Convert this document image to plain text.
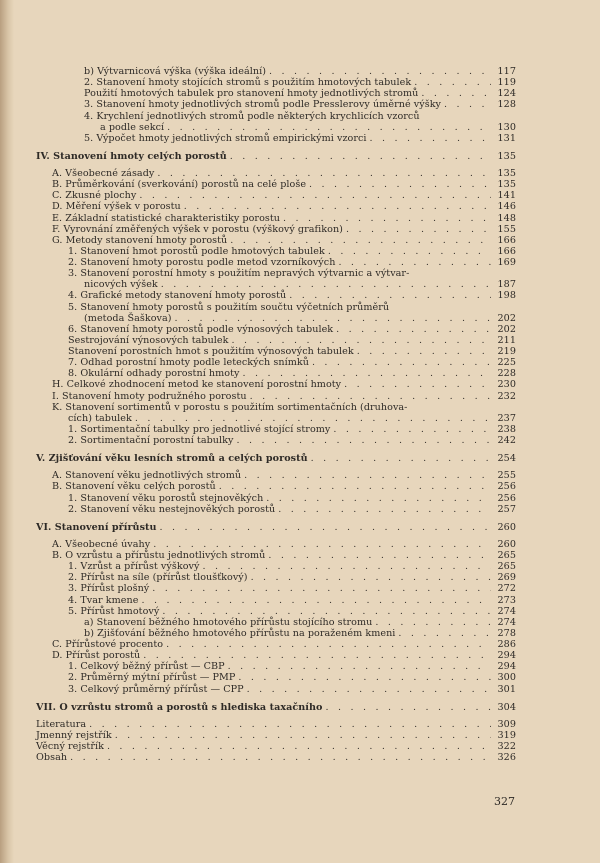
b) Výtvarnicová výška (výška ideální) . . .	117
2. Stanovení hmoty stojících stromů s použitím hmotových tabulek . . .	119
Použití hmotových tabulek pro stanovení hmoty jednotlivých stromů . . .	124
3. Stanovení hmoty jednotlivých stromů podle Presslerovy úměrné výšky . . .	128
4. Krychlení jednotlivých stromů podle některých krychlicích vzorců
a podle sekcí . . .	130
5. Výpočet hmoty jednotlivých stromů empirickými vzorci . . .	131
IV. Stanovení hmoty celých porostů . . .	135
A. Všeobecné zásady . . .	135
B. Průměrkování (sverkování) porostů na celé ploše . . .	135
C. Zkusné plochy . . .	141
D. Měření výšek v porostu . . .	146
E. Základní statistické charakteristiky porostu . . .	148
F. Vyrovnání změřených výšek v porostu (výškový grafikon) . . .	155
G. Metody stanovení hmoty porostů . . .	166
1. Stanovení hmot porostů podle hmotových tabulek . . .	166
2. Stanovení hmoty porostu podle metod vzorníkových . . .	169
3. Stanovení porostní hmoty s použitím nepravých výtvarnic a výtvar-
nicových výšek . . .	187
4. Grafické metody stanovení hmoty porostů . . .	198
5. Stanovení hmoty porostů s použitím součtu výčetních průměrů
(metoda Šaškova) . . .	202
6. Stanovení hmoty porostů podle výnosových tabulek . . .	202
Sestrojování výnosových tabulek . . .	211
Stanovení porostních hmot s použitím výnosových tabulek . . .	219
7. Odhad porostní hmoty podle leteckých snímků . . .	225
8. Okulární odhady porostní hmoty . . .	228
H. Celkové zhodnocení metod ke stanovení porostní hmoty . . .	230
I. Stanovení hmoty podružného porostu . . .	232
K. Stanovení sortimentů v porostu s použitím sortimentačních (druhova-
cích) tabulek . . .	237
1. Sortimentační tabulky pro jednotlivé stojící stromy . . .	238
2. Sortimentační porostní tabulky . . .	242
V. Zjišťování věku lesních stromů a celých porostů . . .	254
A. Stanovení věku jednotlivých stromů . . .	255
B. Stanovení věku celých porostů . . .	256
1. Stanovení věku porostů stejnověkých . . .	256
2. Stanovení věku nestejnověkých porostů . . .	257
VI. Stanovení přírůstu . . .	260
A. Všeobecné úvahy . . .	260
B. O vzrůstu a přírůstu jednotlivých stromů . . .	265
1. Vzrůst a přírůst výškový . . .	265
2. Přírůst na síle (přírůst tloušťkový) . . .	269
3. Přírůst plošný . . .	272
4. Tvar kmene . . .	273
5. Přírůst hmotový . . .	274
a) Stanovení běžného hmotového přírůstu stojícího stromu . . .	274
b) Zjišťování běžného hmotového přírůstu na poraženém kmeni . . .	278
C. Přírůstové procento . . .	286
D. Přírůst porostů . . .	294
1. Celkový běžný přírůst — CBP . . .	294
2. Průměrný mýtní přírůst — PMP . . .	300
3. Celkový průměrný přírůst — CPP . . .	301
VII. O vzrůstu stromů a porostů s hlediska taxačního . . .	304
Literatura . . .	309
Jmenný rejstřík . . .	319
Věcný rejstřík . . .	322
Obsah . . .	326
327
